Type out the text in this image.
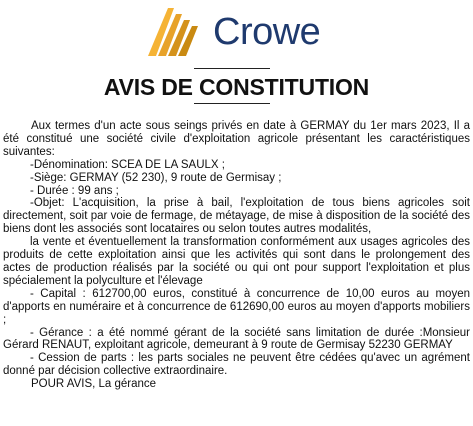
Crowe
AVIS DE CONSTITUTION

Aux termes d'un acte sous seings privés en date à GERMAY du 1er mars 2023, Il a été constitué une société civile d'exploitation agricole présentant les caractéristiques suivantes:

-Dénomination: SCEA DE LA SAULX ;

-Siège: GERMAY (52 230), 9 route de Germisay ;

- Durée : 99 ans ;

-Objet: L'acquisition, la prise à bail, l'exploitation de tous biens agricoles soit directement, soit par voie de fermage, de métayage, de mise à disposition de la société des biens dont les associés sont locataires ou selon toutes autres modalités,

la vente et éventuellement la transformation conformément aux usages agricoles des produits de cette exploitation ainsi que les activités qui sont dans le prolongement des actes de production réalisés par la société ou qui ont pour support l'exploitation et plus spécialement la polyculture et l'élevage

- Capital : 612700,00 euros, constitué à concurrence de 10,00 euros au moyen d'apports en numéraire et à concurrence de 612690,00 euros au moyen d'apports mobiliers ;

- Gérance : a été nommé gérant de la société sans limitation de durée :Monsieur Gérard RENAUT, exploitant agricole, demeurant à 9 route de Germisay 52230 GERMAY

- Cession de parts : les parts sociales ne peuvent être cédées qu'avec un agrément donné par décision collective extraordinaire.

POUR AVIS, La gérance
